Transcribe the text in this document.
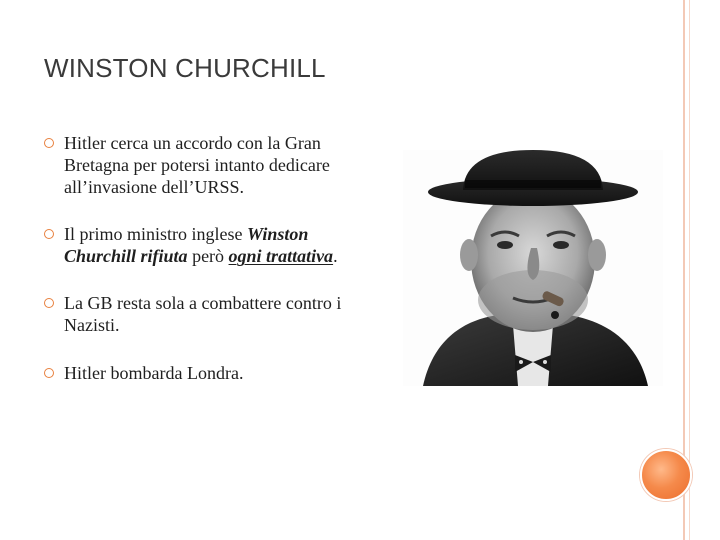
WINSTON CHURCHILL
Hitler cerca un accordo con la Gran Bretagna per potersi intanto dedicare all’invasione dell’URSS.
Il primo ministro inglese Winston Churchill rifiuta però ogni trattativa.
La GB resta sola a combattere contro i Nazisti.
Hitler bombarda Londra.
